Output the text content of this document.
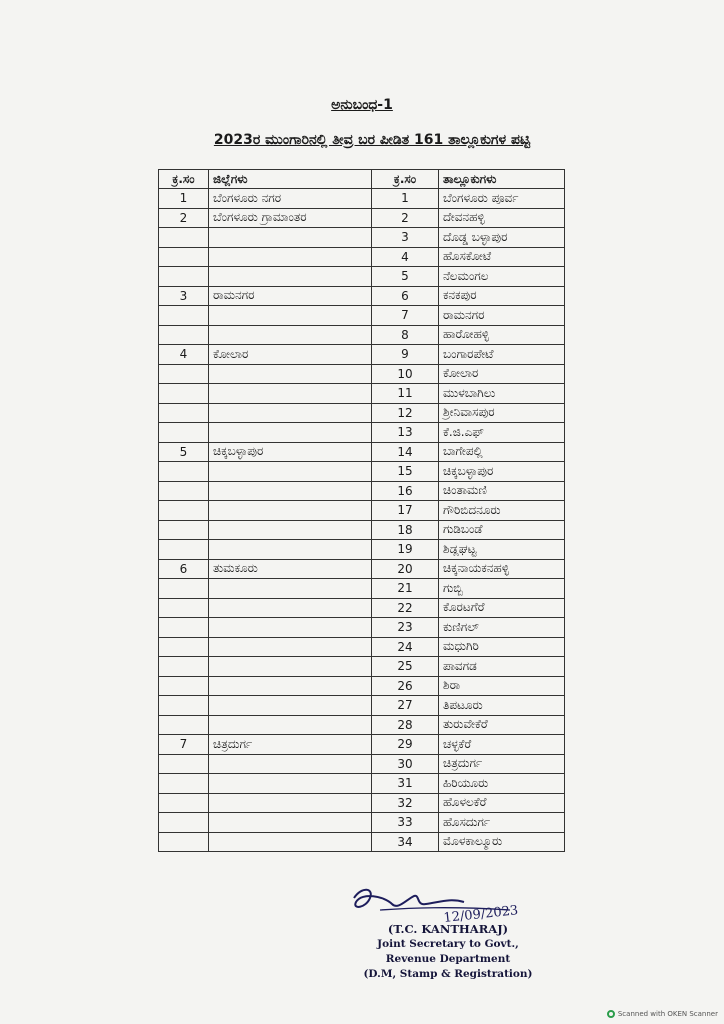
ಅನುಬಂಧ-1
2023ರ ಮುಂಗಾರಿನಲ್ಲಿ ತೀವ್ರ ಬರ ಪೀಡಿತ 161 ತಾಲ್ಲೂಕುಗಳ ಪಟ್ಟಿ
ಕ್ರ.ಸಂ	ಜಿಲ್ಲೆಗಳು	ಕ್ರ.ಸಂ	ತಾಲ್ಲೂಕುಗಳು
1	ಬೆಂಗಳೂರು ನಗರ	1	ಬೆಂಗಳೂರು ಪೂರ್ವ
2	ಬೆಂಗಳೂರು ಗ್ರಾಮಾಂತರ	2	ದೇವನಹಳ್ಳಿ
		3	ದೊಡ್ಡ ಬಳ್ಳಾಪುರ
		4	ಹೊಸಕೋಟೆ
		5	ನೆಲಮಂಗಲ
3	ರಾಮನಗರ	6	ಕನಕಪುರ
		7	ರಾಮನಗರ
		8	ಹಾರೋಹಳ್ಳಿ
4	ಕೋಲಾರ	9	ಬಂಗಾರಪೇಟೆ
		10	ಕೋಲಾರ
		11	ಮುಳಬಾಗಿಲು
		12	ಶ್ರೀನಿವಾಸಪುರ
		13	ಕೆ.ಜಿ.ಎಫ್
5	ಚಿಕ್ಕಬಳ್ಳಾಪುರ	14	ಬಾಗೇಪಲ್ಲಿ
		15	ಚಿಕ್ಕಬಳ್ಳಾಪುರ
		16	ಚಿಂತಾಮಣಿ
		17	ಗೌರಿಬಿದನೂರು
		18	ಗುಡಿಬಂಡೆ
		19	ಶಿಡ್ಲಘಟ್ಟ
6	ತುಮಕೂರು	20	ಚಿಕ್ಕನಾಯಕನಹಳ್ಳಿ
		21	ಗುಬ್ಬಿ
		22	ಕೊರಟಗೆರೆ
		23	ಕುಣಿಗಲ್
		24	ಮಧುಗಿರಿ
		25	ಪಾವಗಡ
		26	ಶಿರಾ
		27	ತಿಪಟೂರು
		28	ತುರುವೇಕೆರೆ
7	ಚಿತ್ರದುರ್ಗ	29	ಚಳ್ಳಕೆರೆ
		30	ಚಿತ್ರದುರ್ಗ
		31	ಹಿರಿಯೂರು
		32	ಹೊಳಲಕೆರೆ
		33	ಹೊಸದುರ್ಗ
		34	ಮೊಳಕಾಲ್ಮೂರು
12/09/2023
(T.C. KANTHARAJ)
Joint Secretary to Govt.,
Revenue Department
(D.M, Stamp & Registration)
Scanned with OKEN Scanner
